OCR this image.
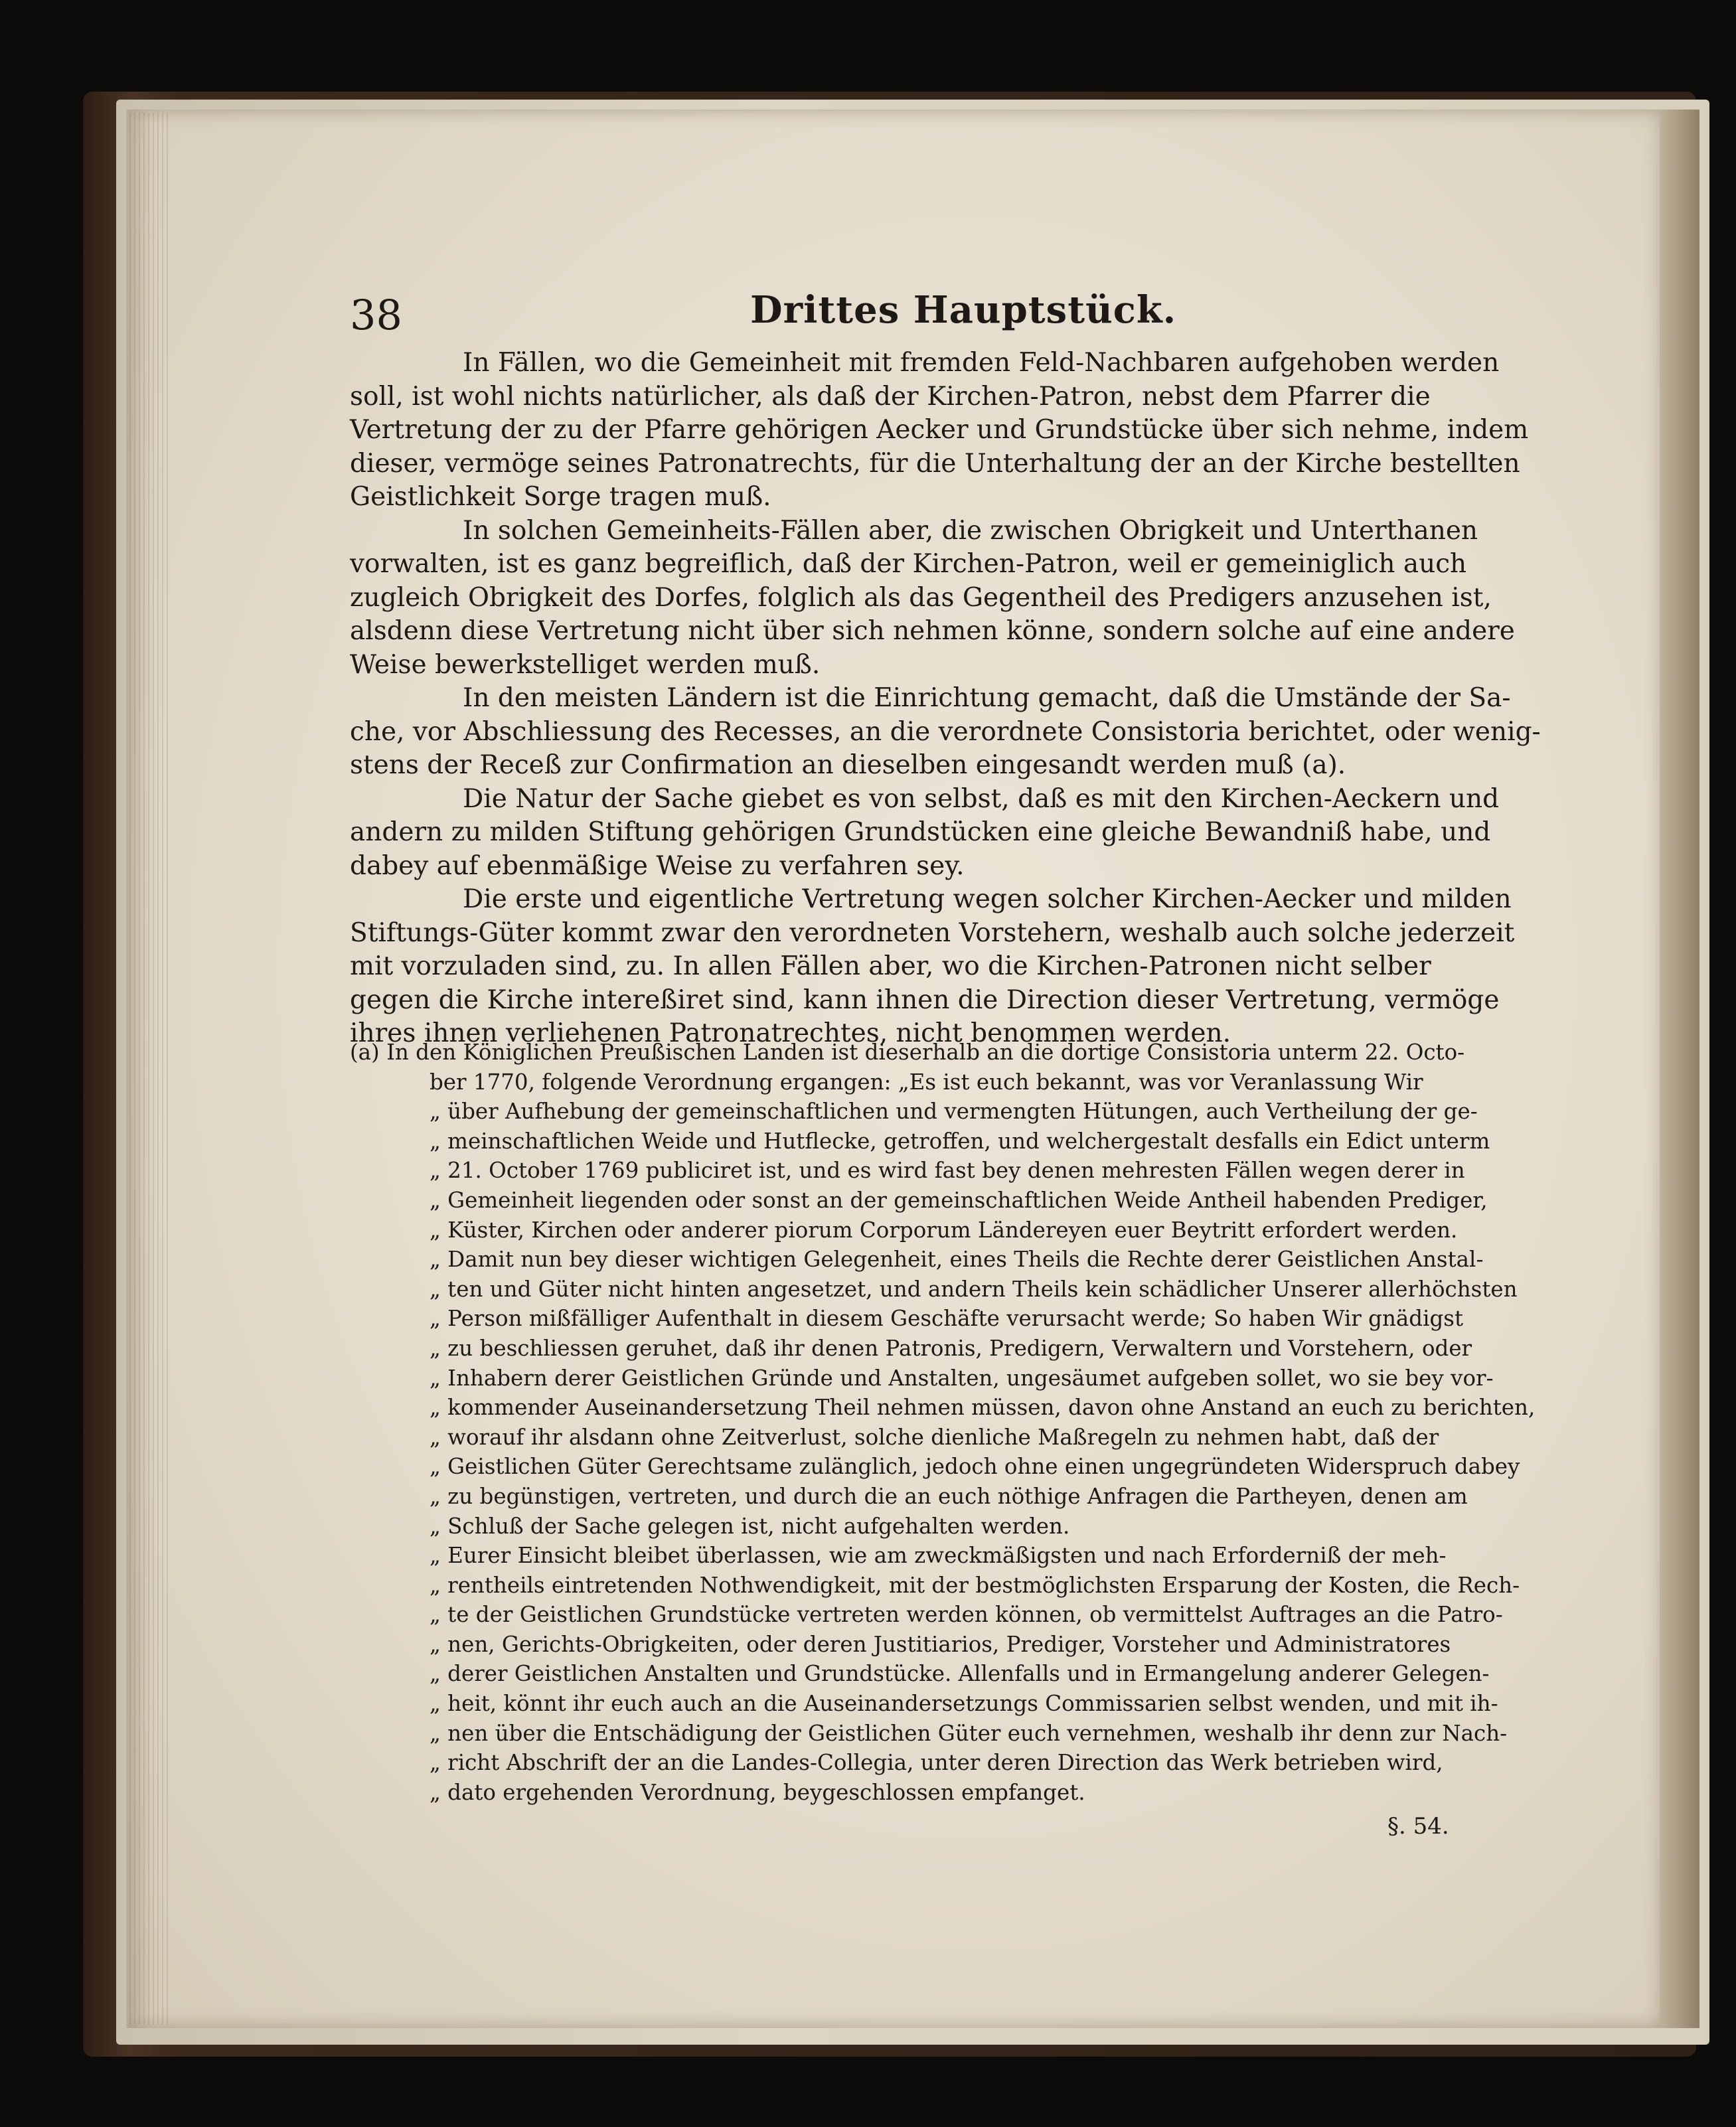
38	Drittes Hauptstück.
In Fällen, wo die Gemeinheit mit fremden Feld-Nachbaren aufgehoben werden
soll, ist wohl nichts natürlicher, als daß der Kirchen-Patron, nebst dem Pfarrer die
Vertretung der zu der Pfarre gehörigen Aecker und Grundstücke über sich nehme, indem
dieser, vermöge seines Patronatrechts, für die Unterhaltung der an der Kirche bestellten
Geistlichkeit Sorge tragen muß.
In solchen Gemeinheits-Fällen aber, die zwischen Obrigkeit und Unterthanen
vorwalten, ist es ganz begreiflich, daß der Kirchen-Patron, weil er gemeiniglich auch
zugleich Obrigkeit des Dorfes, folglich als das Gegentheil des Predigers anzusehen ist,
alsdenn diese Vertretung nicht über sich nehmen könne, sondern solche auf eine andere
Weise bewerkstelliget werden muß.
In den meisten Ländern ist die Einrichtung gemacht, daß die Umstände der Sa-
che, vor Abschliessung des Recesses, an die verordnete Consistoria berichtet, oder wenig-
stens der Receß zur Confirmation an dieselben eingesandt werden muß (a).
Die Natur der Sache giebet es von selbst, daß es mit den Kirchen-Aeckern und
andern zu milden Stiftung gehörigen Grundstücken eine gleiche Bewandniß habe, und
dabey auf ebenmäßige Weise zu verfahren sey.
Die erste und eigentliche Vertretung wegen solcher Kirchen-Aecker und milden
Stiftungs-Güter kommt zwar den verordneten Vorstehern, weshalb auch solche jederzeit
mit vorzuladen sind, zu. In allen Fällen aber, wo die Kirchen-Patronen nicht selber
gegen die Kirche intereßiret sind, kann ihnen die Direction dieser Vertretung, vermöge
ihres ihnen verliehenen Patronatrechtes, nicht benommen werden.
(a) In den Königlichen Preußischen Landen ist dieserhalb an die dortige Consistoria unterm 22. Octo-
ber 1770, folgende Verordnung ergangen: „Es ist euch bekannt, was vor Veranlassung Wir
„ über Aufhebung der gemeinschaftlichen und vermengten Hütungen, auch Vertheilung der ge-
„ meinschaftlichen Weide und Hutflecke, getroffen, und welchergestalt desfalls ein Edict unterm
„ 21. October 1769 publiciret ist, und es wird fast bey denen mehresten Fällen wegen derer in
„ Gemeinheit liegenden oder sonst an der gemeinschaftlichen Weide Antheil habenden Prediger,
„ Küster, Kirchen oder anderer piorum Corporum Ländereyen euer Beytritt erfordert werden.
„ Damit nun bey dieser wichtigen Gelegenheit, eines Theils die Rechte derer Geistlichen Anstal-
„ ten und Güter nicht hinten angesetzet, und andern Theils kein schädlicher Unserer allerhöchsten
„ Person mißfälliger Aufenthalt in diesem Geschäfte verursacht werde; So haben Wir gnädigst
„ zu beschliessen geruhet, daß ihr denen Patronis, Predigern, Verwaltern und Vorstehern, oder
„ Inhabern derer Geistlichen Gründe und Anstalten, ungesäumet aufgeben sollet, wo sie bey vor-
„ kommender Auseinandersetzung Theil nehmen müssen, davon ohne Anstand an euch zu berichten,
„ worauf ihr alsdann ohne Zeitverlust, solche dienliche Maßregeln zu nehmen habt, daß der
„ Geistlichen Güter Gerechtsame zulänglich, jedoch ohne einen ungegründeten Widerspruch dabey
„ zu begünstigen, vertreten, und durch die an euch nöthige Anfragen die Partheyen, denen am
„ Schluß der Sache gelegen ist, nicht aufgehalten werden.
„ Eurer Einsicht bleibet überlassen, wie am zweckmäßigsten und nach Erforderniß der meh-
„ rentheils eintretenden Nothwendigkeit, mit der bestmöglichsten Ersparung der Kosten, die Rech-
„ te der Geistlichen Grundstücke vertreten werden können, ob vermittelst Auftrages an die Patro-
„ nen, Gerichts-Obrigkeiten, oder deren Justitiarios, Prediger, Vorsteher und Administratores
„ derer Geistlichen Anstalten und Grundstücke. Allenfalls und in Ermangelung anderer Gelegen-
„ heit, könnt ihr euch auch an die Auseinandersetzungs Commissarien selbst wenden, und mit ih-
„ nen über die Entschädigung der Geistlichen Güter euch vernehmen, weshalb ihr denn zur Nach-
„ richt Abschrift der an die Landes-Collegia, unter deren Direction das Werk betrieben wird,
„ dato ergehenden Verordnung, beygeschlossen empfanget.
§. 54.
